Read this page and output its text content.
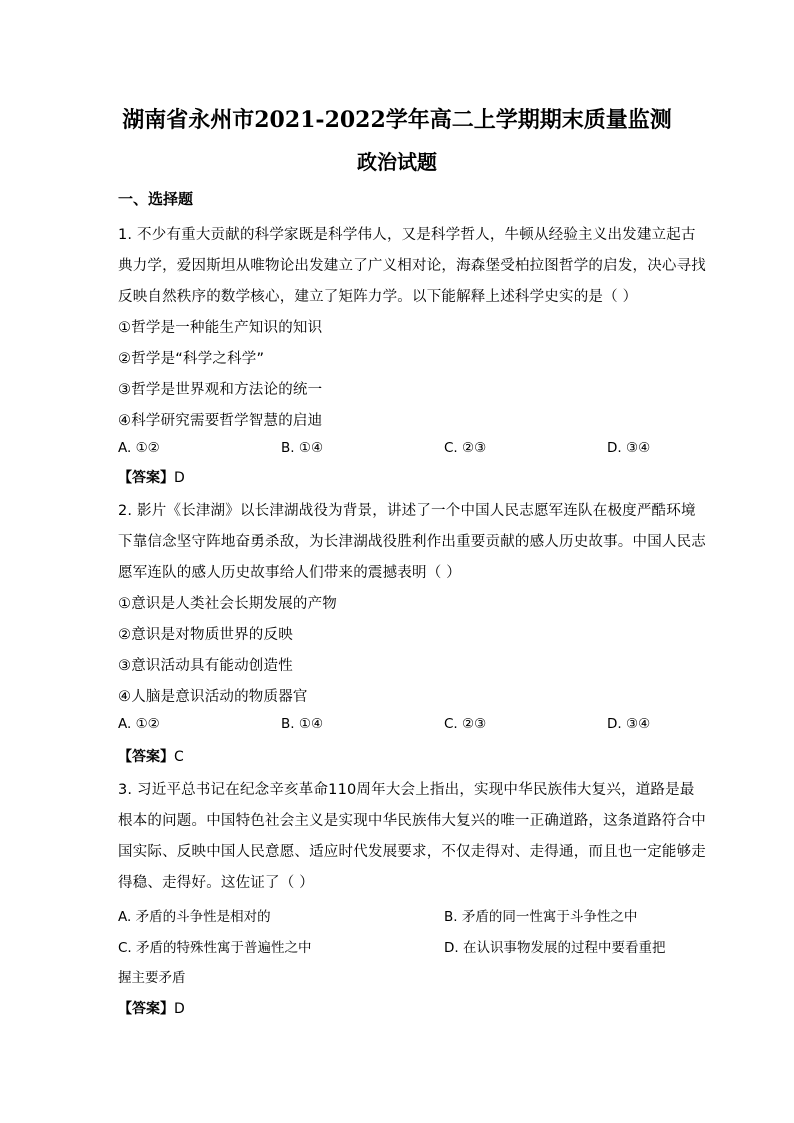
湖南省永州市2021-2022学年高二上学期期末质量监测
政治试题
一、选择题
1. 不少有重大贡献的科学家既是科学伟人，又是科学哲人，牛顿从经验主义出发建立起古
典力学，爱因斯坦从唯物论出发建立了广义相对论，海森堡受柏拉图哲学的启发，决心寻找
反映自然秩序的数学核心，建立了矩阵力学。以下能解释上述科学史实的是（ ）
①哲学是一种能生产知识的知识
②哲学是“科学之科学”
③哲学是世界观和方法论的统一
④科学研究需要哲学智慧的启迪
A. ①②	B. ①④	C. ②③	D. ③④
【答案】D
2. 影片《长津湖》以长津湖战役为背景，讲述了一个中国人民志愿军连队在极度严酷环境
下靠信念坚守阵地奋勇杀敌，为长津湖战役胜利作出重要贡献的感人历史故事。中国人民志
愿军连队的感人历史故事给人们带来的震撼表明（ ）
①意识是人类社会长期发展的产物
②意识是对物质世界的反映
③意识活动具有能动创造性
④人脑是意识活动的物质器官
A. ①②	B. ①④	C. ②③	D. ③④
【答案】C
3. 习近平总书记在纪念辛亥革命110周年大会上指出，实现中华民族伟大复兴，道路是最
根本的问题。中国特色社会主义是实现中华民族伟大复兴的唯一正确道路，这条道路符合中
国实际、反映中国人民意愿、适应时代发展要求，不仅走得对、走得通，而且也一定能够走
得稳、走得好。这佐证了（ ）
A. 矛盾的斗争性是相对的	B. 矛盾的同一性寓于斗争性之中
C. 矛盾的特殊性寓于普遍性之中	D. 在认识事物发展的过程中要看重把
握主要矛盾
【答案】D
